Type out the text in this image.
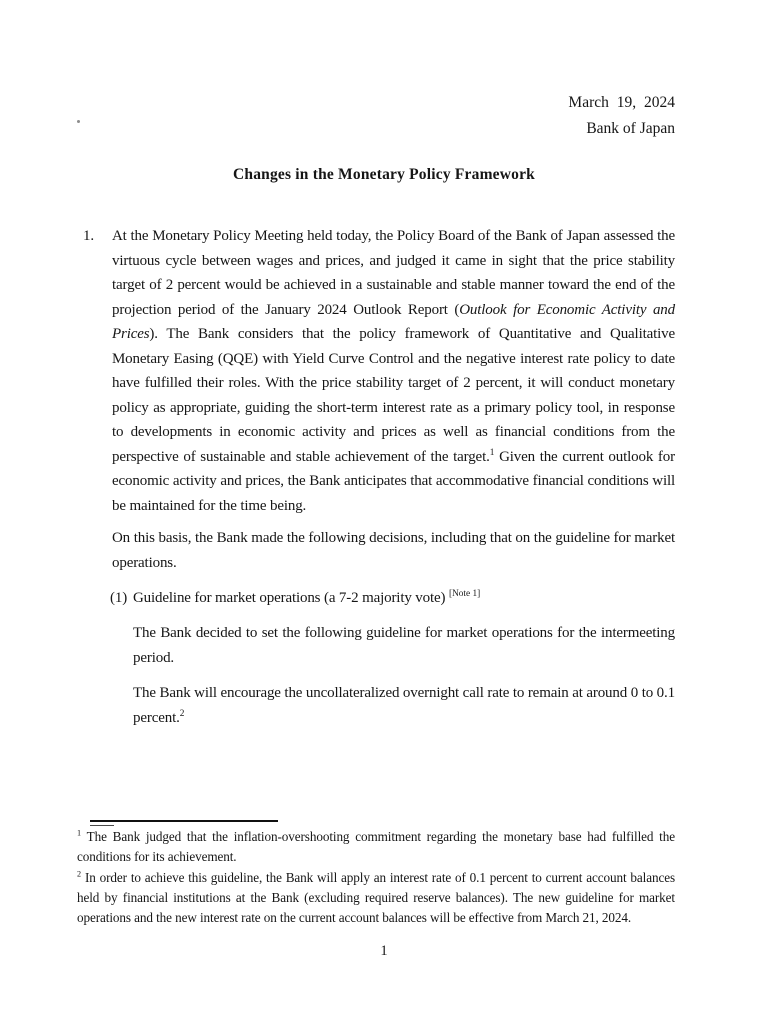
March 19, 2024
Bank of Japan
Changes in the Monetary Policy Framework
1.	At the Monetary Policy Meeting held today, the Policy Board of the Bank of Japan assessed the virtuous cycle between wages and prices, and judged it came in sight that the price stability target of 2 percent would be achieved in a sustainable and stable manner toward the end of the projection period of the January 2024 Outlook Report (Outlook for Economic Activity and Prices). The Bank considers that the policy framework of Quantitative and Qualitative Monetary Easing (QQE) with Yield Curve Control and the negative interest rate policy to date have fulfilled their roles. With the price stability target of 2 percent, it will conduct monetary policy as appropriate, guiding the short-term interest rate as a primary policy tool, in response to developments in economic activity and prices as well as financial conditions from the perspective of sustainable and stable achievement of the target.$^1$ Given the current outlook for economic activity and prices, the Bank anticipates that accommodative financial conditions will be maintained for the time being.
On this basis, the Bank made the following decisions, including that on the guideline for market operations.
(1) Guideline for market operations (a 7-2 majority vote) [Note 1]
The Bank decided to set the following guideline for market operations for the intermeeting period.
The Bank will encourage the uncollateralized overnight call rate to remain at around 0 to 0.1 percent.$^2$

$^1$ The Bank judged that the inflation-overshooting commitment regarding the monetary base had fulfilled the conditions for its achievement.

$^2$ In order to achieve this guideline, the Bank will apply an interest rate of 0.1 percent to current account balances held by financial institutions at the Bank (excluding required reserve balances). The new guideline for market operations and the new interest rate on the current account balances will be effective from March 21, 2024.

1
